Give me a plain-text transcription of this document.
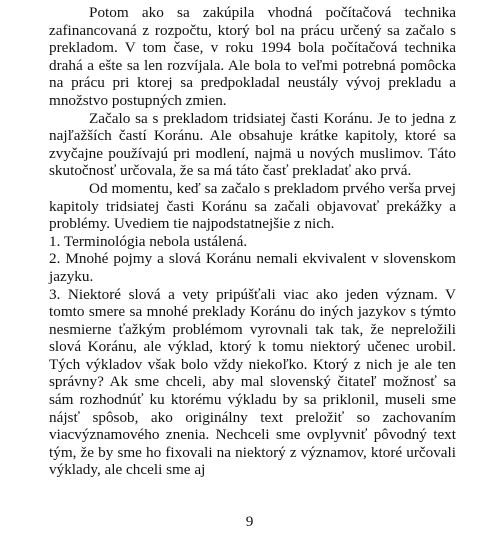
Potom ako sa zakúpila vhodná počítačová technika zafinancovaná z rozpočtu, ktorý bol na prácu určený sa začalo s prekladom. V tom čase, v roku 1994 bola počítačová technika drahá a ešte sa len rozvíjala. Ale bola to veľmi potrebná pomôcka na prácu pri ktorej sa predpokladal neustály vývoj prekladu a množstvo postupných zmien.

Začalo sa s prekladom tridsiatej časti Koránu. Je to jedna z najľažších častí Koránu. Ale obsahuje krátke kapitoly, ktoré sa zvyčajne používajú pri modlení, najmä u nových muslimov. Táto skutočnosť určovala, že sa má táto časť prekladať ako prvá.

Od momentu, keď sa začalo s prekladom prvého verša prvej kapitoly tridsiatej časti Koránu sa začali objavovať prekážky a problémy. Uvediem tie najpodstatnejšie z nich.

1. Terminológia nebola ustálená.

2. Mnohé pojmy a slová Koránu nemali ekvivalent v slovenskom jazyku.

3. Niektoré slová a vety pripúšťali viac ako jeden význam. V tomto smere sa mnohé preklady Koránu do iných jazykov s týmto nesmierne ťažkým problémom vyrovnali tak tak, že nepreložili slová Koránu, ale výklad, ktorý k tomu niektorý učenec urobil. Tých výkladov však bolo vždy niekoľko. Ktorý z nich je ale ten správny? Ak sme chceli, aby mal slovenský čitateľ možnosť sa sám rozhodnúť ku ktorému výkladu by sa priklonil, museli sme nájsť spôsob, ako originálny text preložiť so zachovaním viacvýznamového znenia. Nechceli sme ovplyvniť pôvodný text tým, že by sme ho fixovali na niektorý z významov, ktoré určovali výklady, ale chceli sme aj

9
